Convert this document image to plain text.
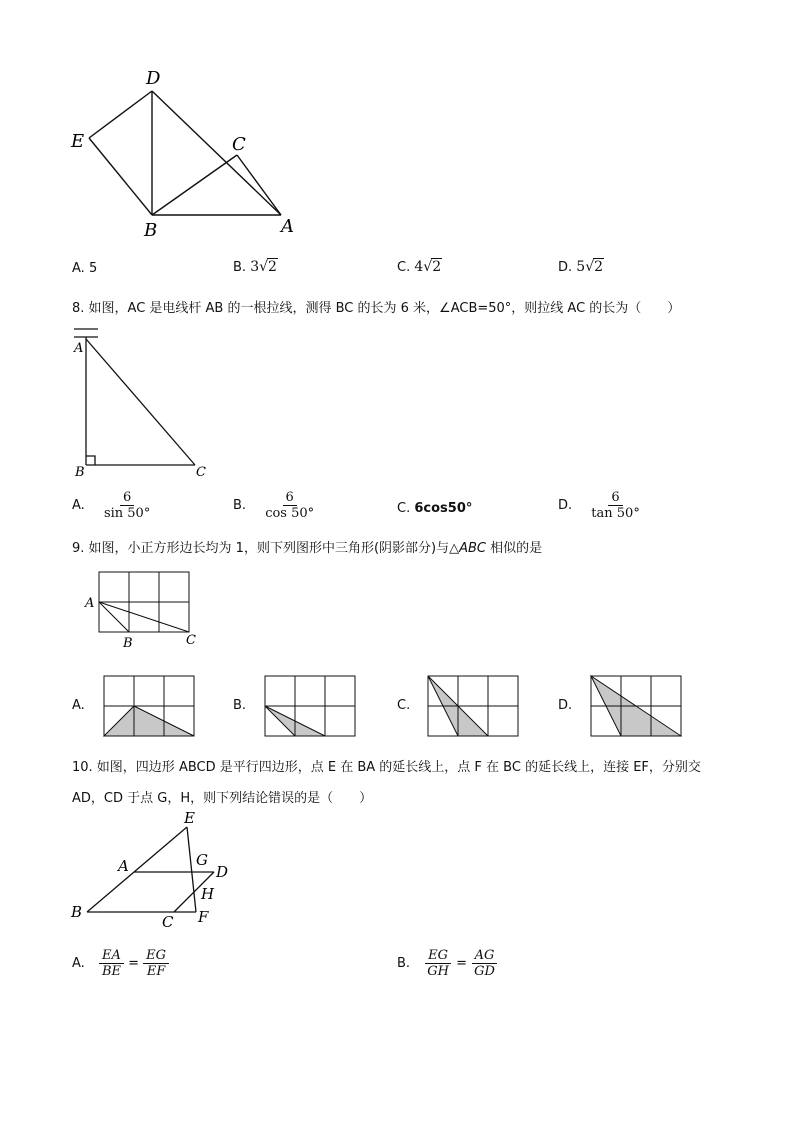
D
E	C
B	A
A. 5	B. 3√2	C. 4√2	D. 5√2
8. 如图，AC 是电线杆 AB 的一根拉线，测得 BC 的长为 6 米，∠ACB=50°，则拉线 AC 的长为（　　）
A
B	C
A. $\frac{6}{\sin 50^\circ}$	B. $\frac{6}{\cos 50^\circ}$	C. 6cos50°	D. $\frac{6}{\tan 50^\circ}$
9. 如图，小正方形边长均为 1，则下列图形中三角形(阴影部分)与△ABC 相似的是
A
B	C
A.	B.	C.	D.
10. 如图，四边形 ABCD 是平行四边形，点 E 在 BA 的延长线上，点 F 在 BC 的延长线上，连接 EF，分别交
AD，CD 于点 G，H，则下列结论错误的是（　　）
E
A	G
D
H
B
C F
A. $\frac{EA}{BE} = \frac{EG}{EF}$	B. $\frac{EG}{GH} = \frac{AG}{GD}$
